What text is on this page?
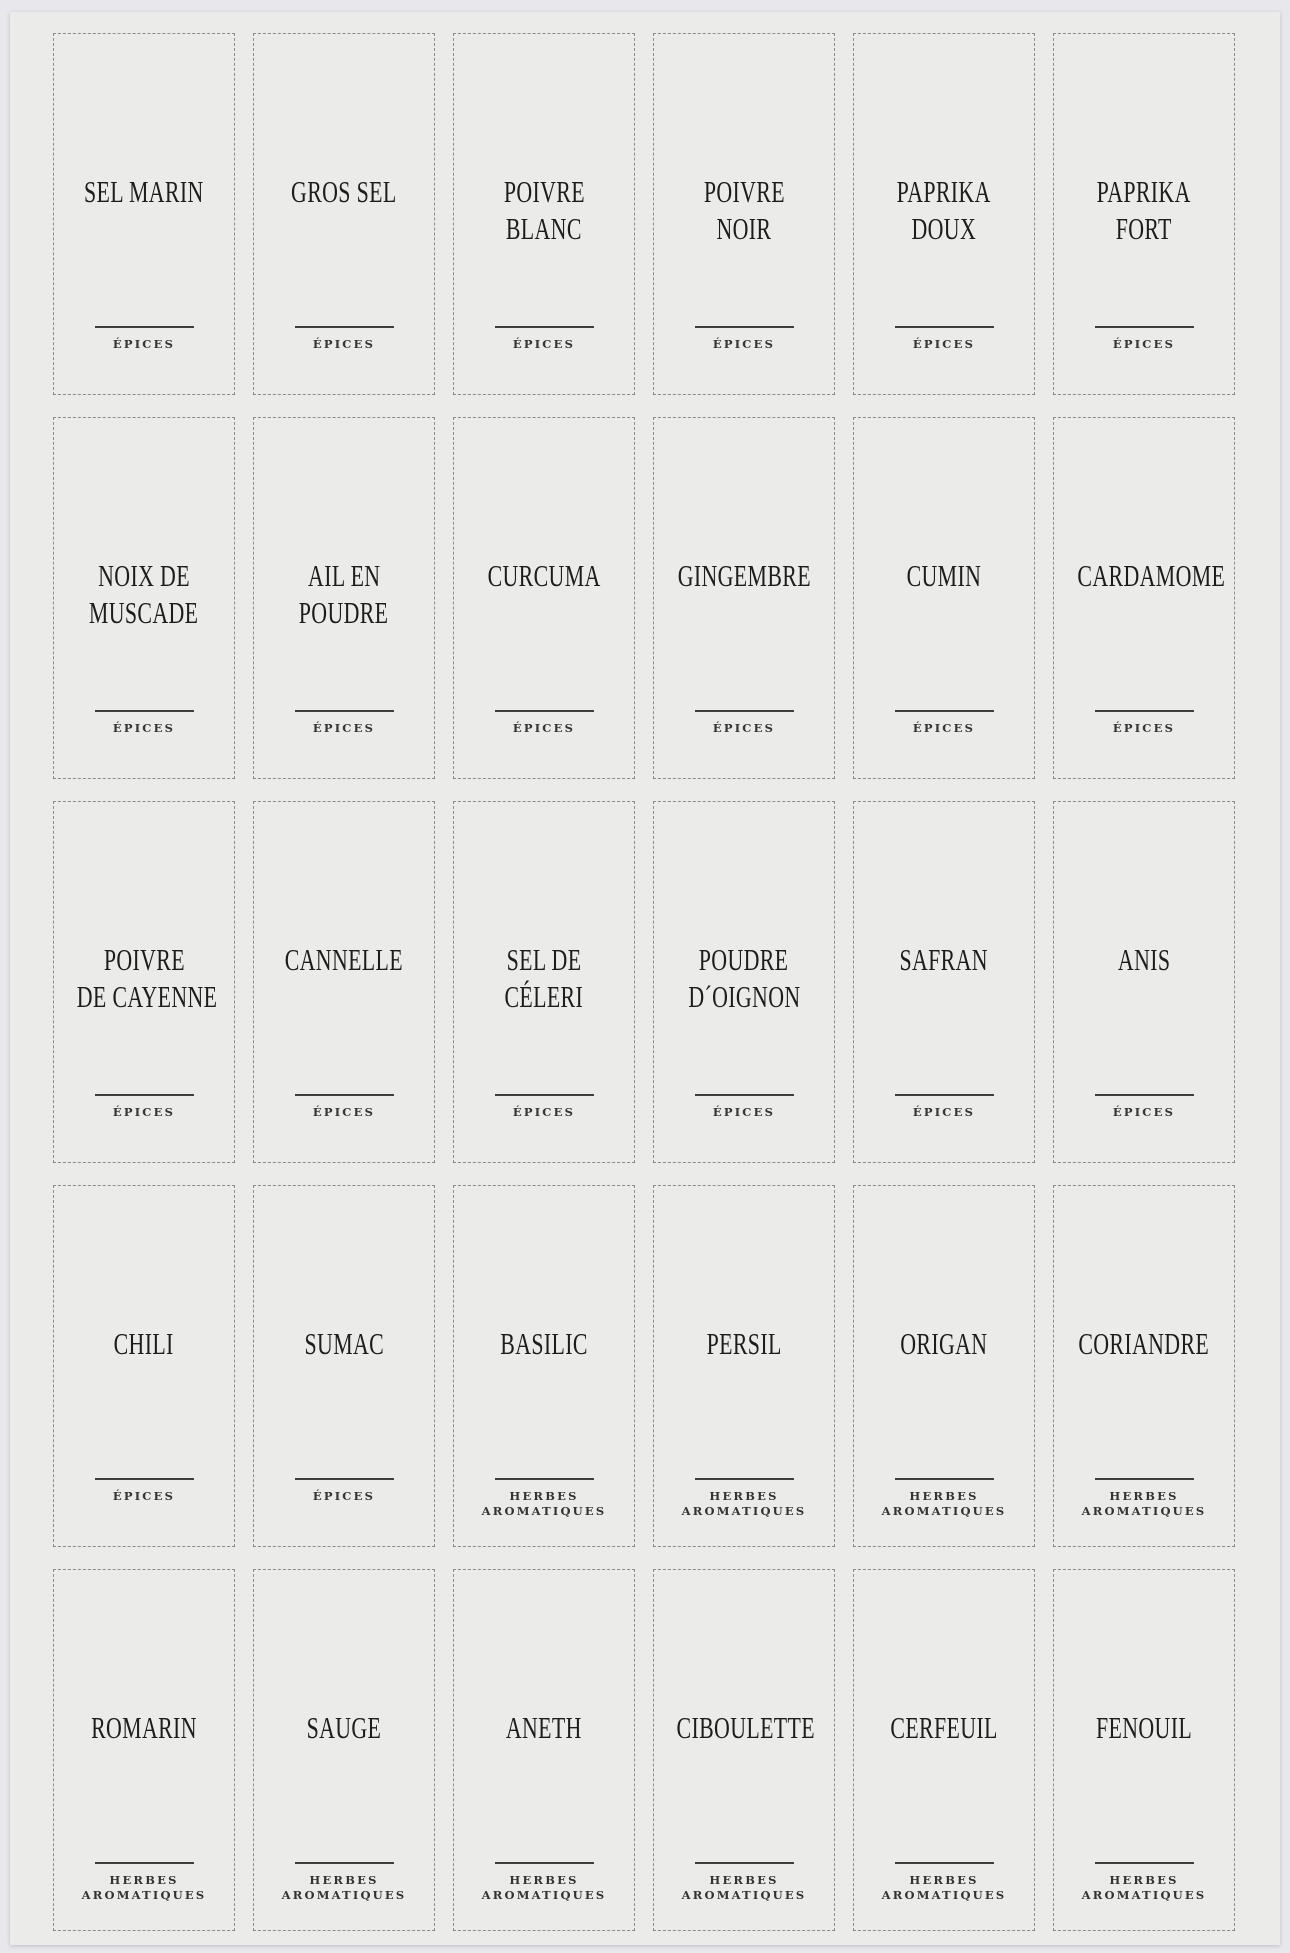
SEL MARIN
ÉPICES
GROS SEL
ÉPICES
POIVRE
BLANC
ÉPICES
POIVRE
NOIR
ÉPICES
PAPRIKA
DOUX
ÉPICES
PAPRIKA
FORT
ÉPICES
NOIX DE
MUSCADE
ÉPICES
AIL EN
POUDRE
ÉPICES
CURCUMA
ÉPICES
GINGEMBRE
ÉPICES
CUMIN
ÉPICES
CARDAMOME
ÉPICES
POIVRE
DE CAYENNE
ÉPICES
CANNELLE
ÉPICES
SEL DE
CÉLERI
ÉPICES
POUDRE
D´OIGNON
ÉPICES
SAFRAN
ÉPICES
ANIS
ÉPICES
CHILI
ÉPICES
SUMAC
ÉPICES
BASILIC
HERBES
AROMATIQUES
PERSIL
HERBES
AROMATIQUES
ORIGAN
HERBES
AROMATIQUES
CORIANDRE
HERBES
AROMATIQUES
ROMARIN
HERBES
AROMATIQUES
SAUGE
HERBES
AROMATIQUES
ANETH
HERBES
AROMATIQUES
CIBOULETTE
HERBES
AROMATIQUES
CERFEUIL
HERBES
AROMATIQUES
FENOUIL
HERBES
AROMATIQUES
